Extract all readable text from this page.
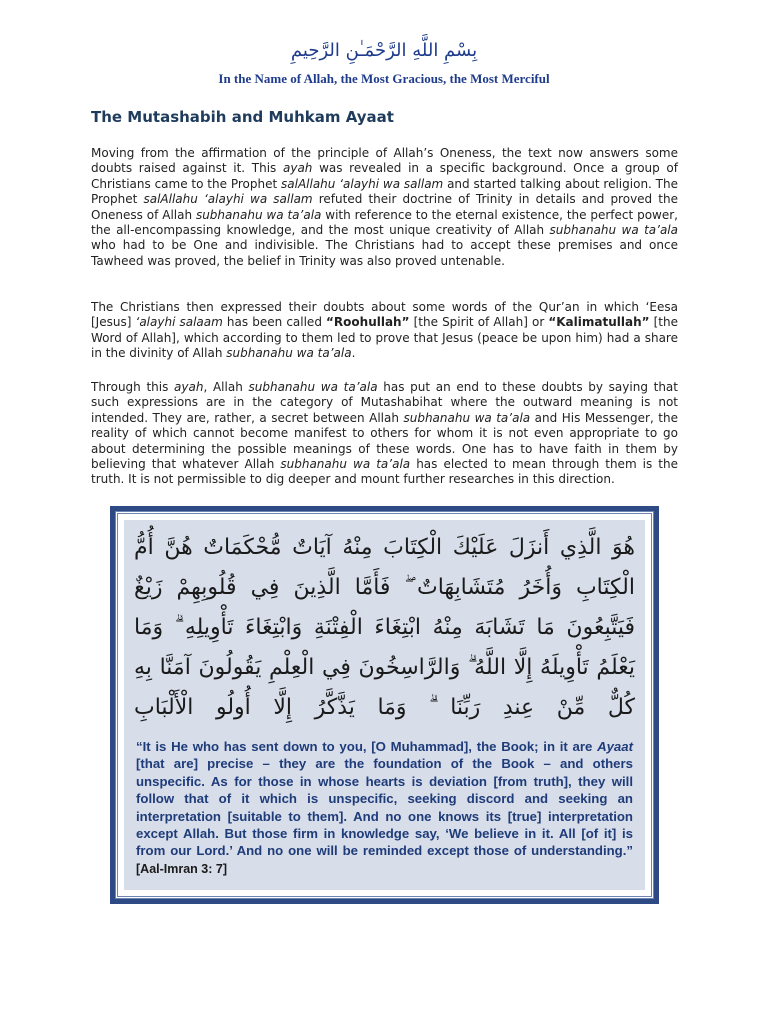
بِسْمِ اللَّهِ الرَّحْمَـٰنِ الرَّحِيمِ
In the Name of Allah, the Most Gracious, the Most Merciful
The Mutashabih and Muhkam Ayaat

Moving from the affirmation of the principle of Allah’s Oneness, the text now answers some doubts raised against it. This ayah was revealed in a specific background. Once a group of Christians came to the Prophet salAllahu ‘alayhi wa sallam and started talking about religion. The Prophet salAllahu ‘alayhi wa sallam refuted their doctrine of Trinity in details and proved the Oneness of Allah subhanahu wa ta’ala with reference to the eternal existence, the perfect power, the all-encompassing knowledge, and the most unique creativity of Allah subhanahu wa ta’ala who had to be One and indivisible. The Christians had to accept these premises and once Tawheed was proved, the belief in Trinity was also proved untenable.

The Christians then expressed their doubts about some words of the Qur’an in which ‘Eesa [Jesus] ‘alayhi salaam has been called “Roohullah” [the Spirit of Allah] or “Kalimatullah” [the Word of Allah], which according to them led to prove that Jesus (peace be upon him) had a share in the divinity of Allah subhanahu wa ta’ala.

Through this ayah, Allah subhanahu wa ta’ala has put an end to these doubts by saying that such expressions are in the category of Mutashabihat where the outward meaning is not intended. They are, rather, a secret between Allah subhanahu wa ta’ala and His Messenger, the reality of which cannot become manifest to others for whom it is not even appropriate to go about determining the possible meanings of these words. One has to have faith in them by believing that whatever Allah subhanahu wa ta’ala has elected to mean through them is the truth. It is not permissible to dig deeper and mount further researches in this direction.

هُوَ الَّذِي أَنزَلَ عَلَيْكَ الْكِتَابَ مِنْهُ آيَاتٌ مُّحْكَمَاتٌ هُنَّ أُمُّ الْكِتَابِ وَأُخَرُ مُتَشَابِهَاتٌ ۖ فَأَمَّا الَّذِينَ فِي قُلُوبِهِمْ زَيْغٌ فَيَتَّبِعُونَ مَا تَشَابَهَ مِنْهُ ابْتِغَاءَ الْفِتْنَةِ وَابْتِغَاءَ تَأْوِيلِهِ ۗ وَمَا يَعْلَمُ تَأْوِيلَهُ إِلَّا اللَّهُ ۗ وَالرَّاسِخُونَ فِي الْعِلْمِ يَقُولُونَ آمَنَّا بِهِ كُلٌّ مِّنْ عِندِ رَبِّنَا ۗ وَمَا يَذَّكَّرُ إِلَّا أُولُو الْأَلْبَابِ
“It is He who has sent down to you, [O Muhammad], the Book; in it are Ayaat [that are] precise – they are the foundation of the Book – and others unspecific. As for those in whose hearts is deviation [from truth], they will follow that of it which is unspecific, seeking discord and seeking an interpretation [suitable to them]. And no one knows its [true] interpretation except Allah. But those firm in knowledge say, ‘We believe in it. All [of it] is from our Lord.’ And no one will be reminded except those of understanding.” [Aal-Imran 3: 7]
